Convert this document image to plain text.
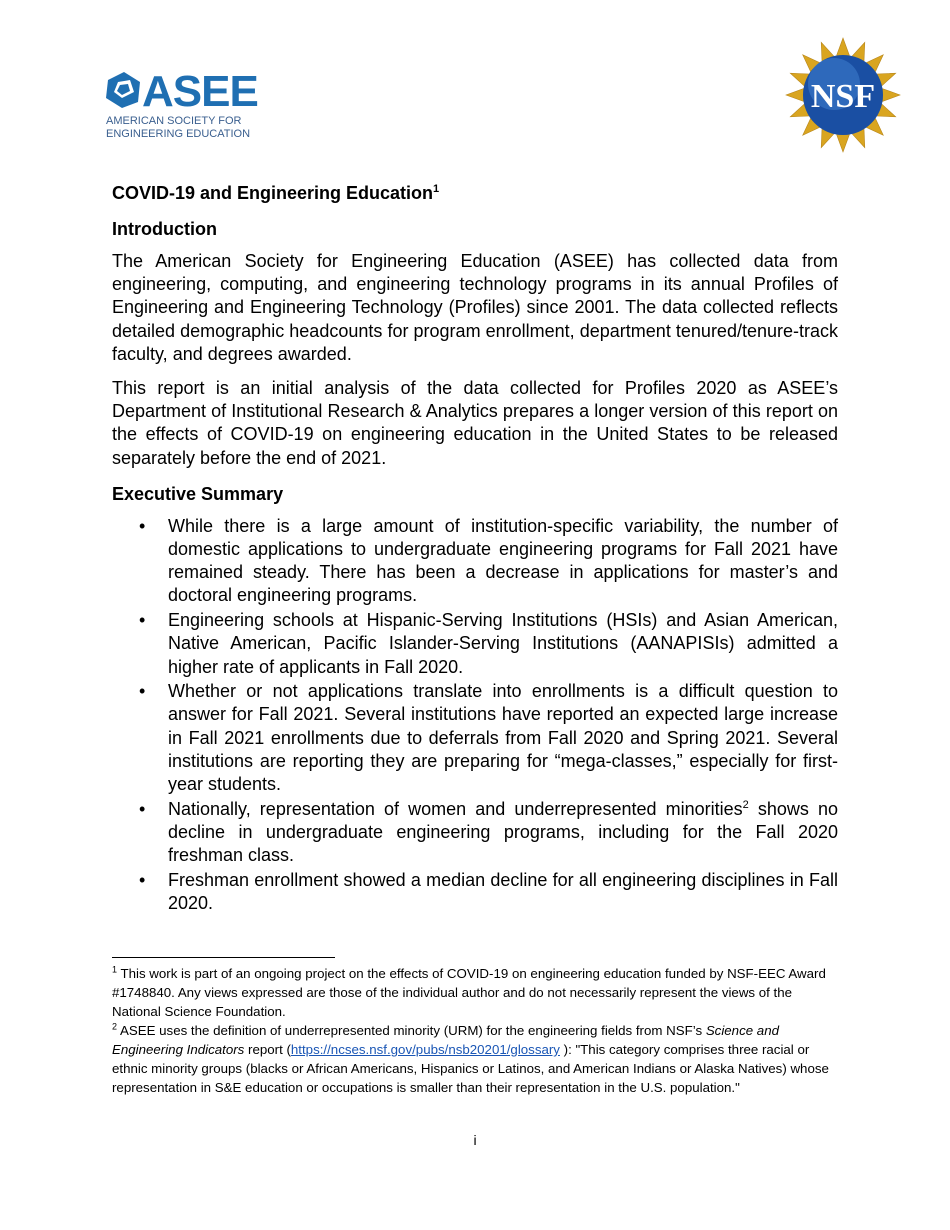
ASEE
AMERICAN SOCIETY FOR
ENGINEERING EDUCATION
NSF
COVID-19 and Engineering Education$^1$
Introduction

The American Society for Engineering Education (ASEE) has collected data from engineering, computing, and engineering technology programs in its annual Profiles of Engineering and Engineering Technology (Profiles) since 2001. The data collected reflects detailed demographic headcounts for program enrollment, department tenured/tenure-track faculty, and degrees awarded.

This report is an initial analysis of the data collected for Profiles 2020 as ASEE’s Department of Institutional Research & Analytics prepares a longer version of this report on the effects of COVID-19 on engineering education in the United States to be released separately before the end of 2021.

Executive Summary
• While there is a large amount of institution-specific variability, the number of domestic applications to undergraduate engineering programs for Fall 2021 have remained steady. There has been a decrease in applications for master’s and doctoral engineering programs.
• Engineering schools at Hispanic-Serving Institutions (HSIs) and Asian American, Native American, Pacific Islander-Serving Institutions (AANAPISIs) admitted a higher rate of applicants in Fall 2020.
• Whether or not applications translate into enrollments is a difficult question to answer for Fall 2021. Several institutions have reported an expected large increase in Fall 2021 enrollments due to deferrals from Fall 2020 and Spring 2021. Several institutions are reporting they are preparing for “mega-classes,” especially for first-year students.
• Nationally, representation of women and underrepresented minorities$^2$ shows no decline in undergraduate engineering programs, including for the Fall 2020 freshman class.
• Freshman enrollment showed a median decline for all engineering disciplines in Fall 2020.

$^1$ This work is part of an ongoing project on the effects of COVID-19 on engineering education funded by NSF-EEC Award #1748840. Any views expressed are those of the individual author and do not necessarily represent the views of the National Science Foundation.

$^2$ ASEE uses the definition of underrepresented minority (URM) for the engineering fields from NSF’s Science and Engineering Indicators report (https://ncses.nsf.gov/pubs/nsb20201/glossary ): "This category comprises three racial or ethnic minority groups (blacks or African Americans, Hispanics or Latinos, and American Indians or Alaska Natives) whose representation in S&E education or occupations is smaller than their representation in the U.S. population."

i
